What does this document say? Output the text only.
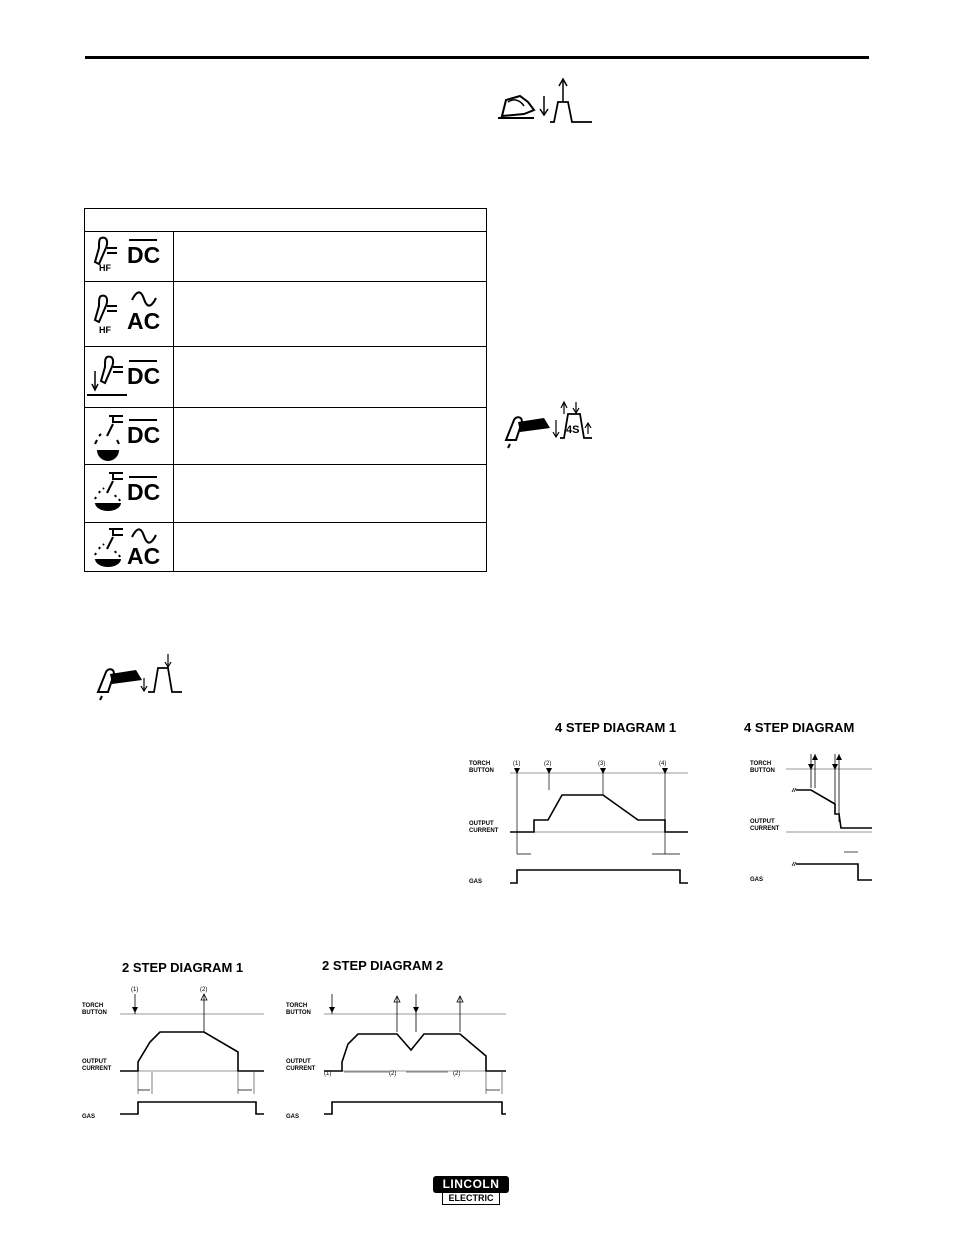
HF DC
HF AC
DC
DC
DC
AC
4S
4 STEP DIAGRAM 1
TORCH
BUTTON
OUTPUT
CURRENT
GAS
(1)	(2)	(3)	(4)
4 STEP DIAGRAM
TORCH
BUTTON
OUTPUT
CURRENT
GAS
2 STEP DIAGRAM 1
TORCH
BUTTON
OUTPUT
CURRENT
GAS
(1)	(2)
2 STEP DIAGRAM 2
TORCH
BUTTON
OUTPUT
CURRENT
GAS
(1)	(2)	(2)
LINCOLN
ELECTRIC
®
